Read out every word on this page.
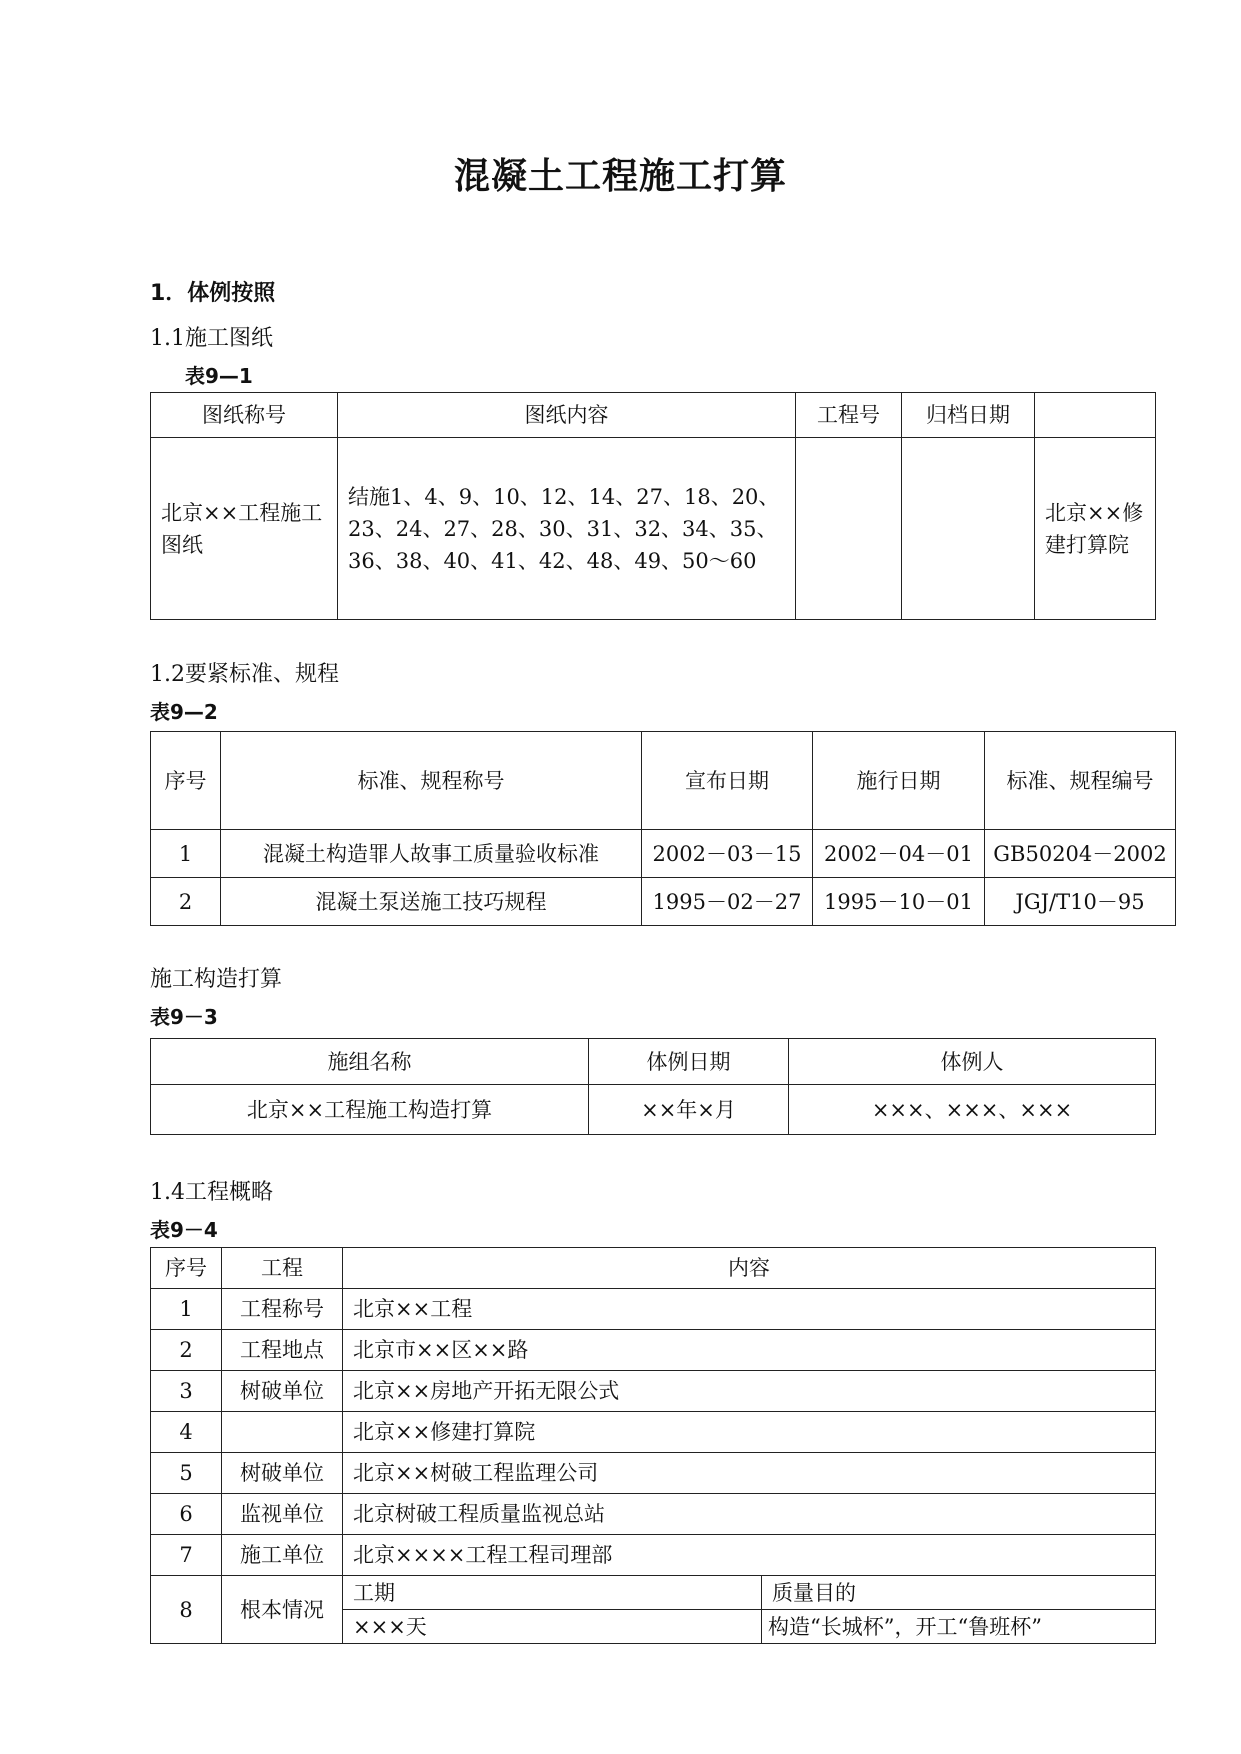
混凝土工程施工打算
1．体例按照
1.1施工图纸
表9—1
图纸称号	图纸内容	工程号	归档日期	
北京××工程施工图纸	结施1、4、9、10、12、14、27、18、20、23、24、27、28、30、31、32、34、35、36、38、40、41、42、48、49、50～60			北京××修建打算院
1.2要紧标准、规程
表9—2
序号	标准、规程称号	宣布日期	施行日期	标准、规程编号
1	混凝土构造罪人故事工质量验收标准	2002－03－15	2002－04－01	GB50204－2002
2	混凝土泵送施工技巧规程	1995－02－27	1995－10－01	JGJ/T10－95
施工构造打算
表9－3
施组名称	体例日期	体例人
北京××工程施工构造打算	××年×月	×××、×××、×××
1.4工程概略
表9－4
序号	工程	内容	
1	工程称号	北京××工程	
2	工程地点	北京市××区××路	
3	树破单位	北京××房地产开拓无限公式	
4		北京××修建打算院	
5	树破单位	北京××树破工程监理公司	
6	监视单位	北京树破工程质量监视总站	
7	施工单位	北京××××工程工程司理部	
8	根本情况	工期	质量目的
		×××天	构造“长城杯”，开工“鲁班杯”
